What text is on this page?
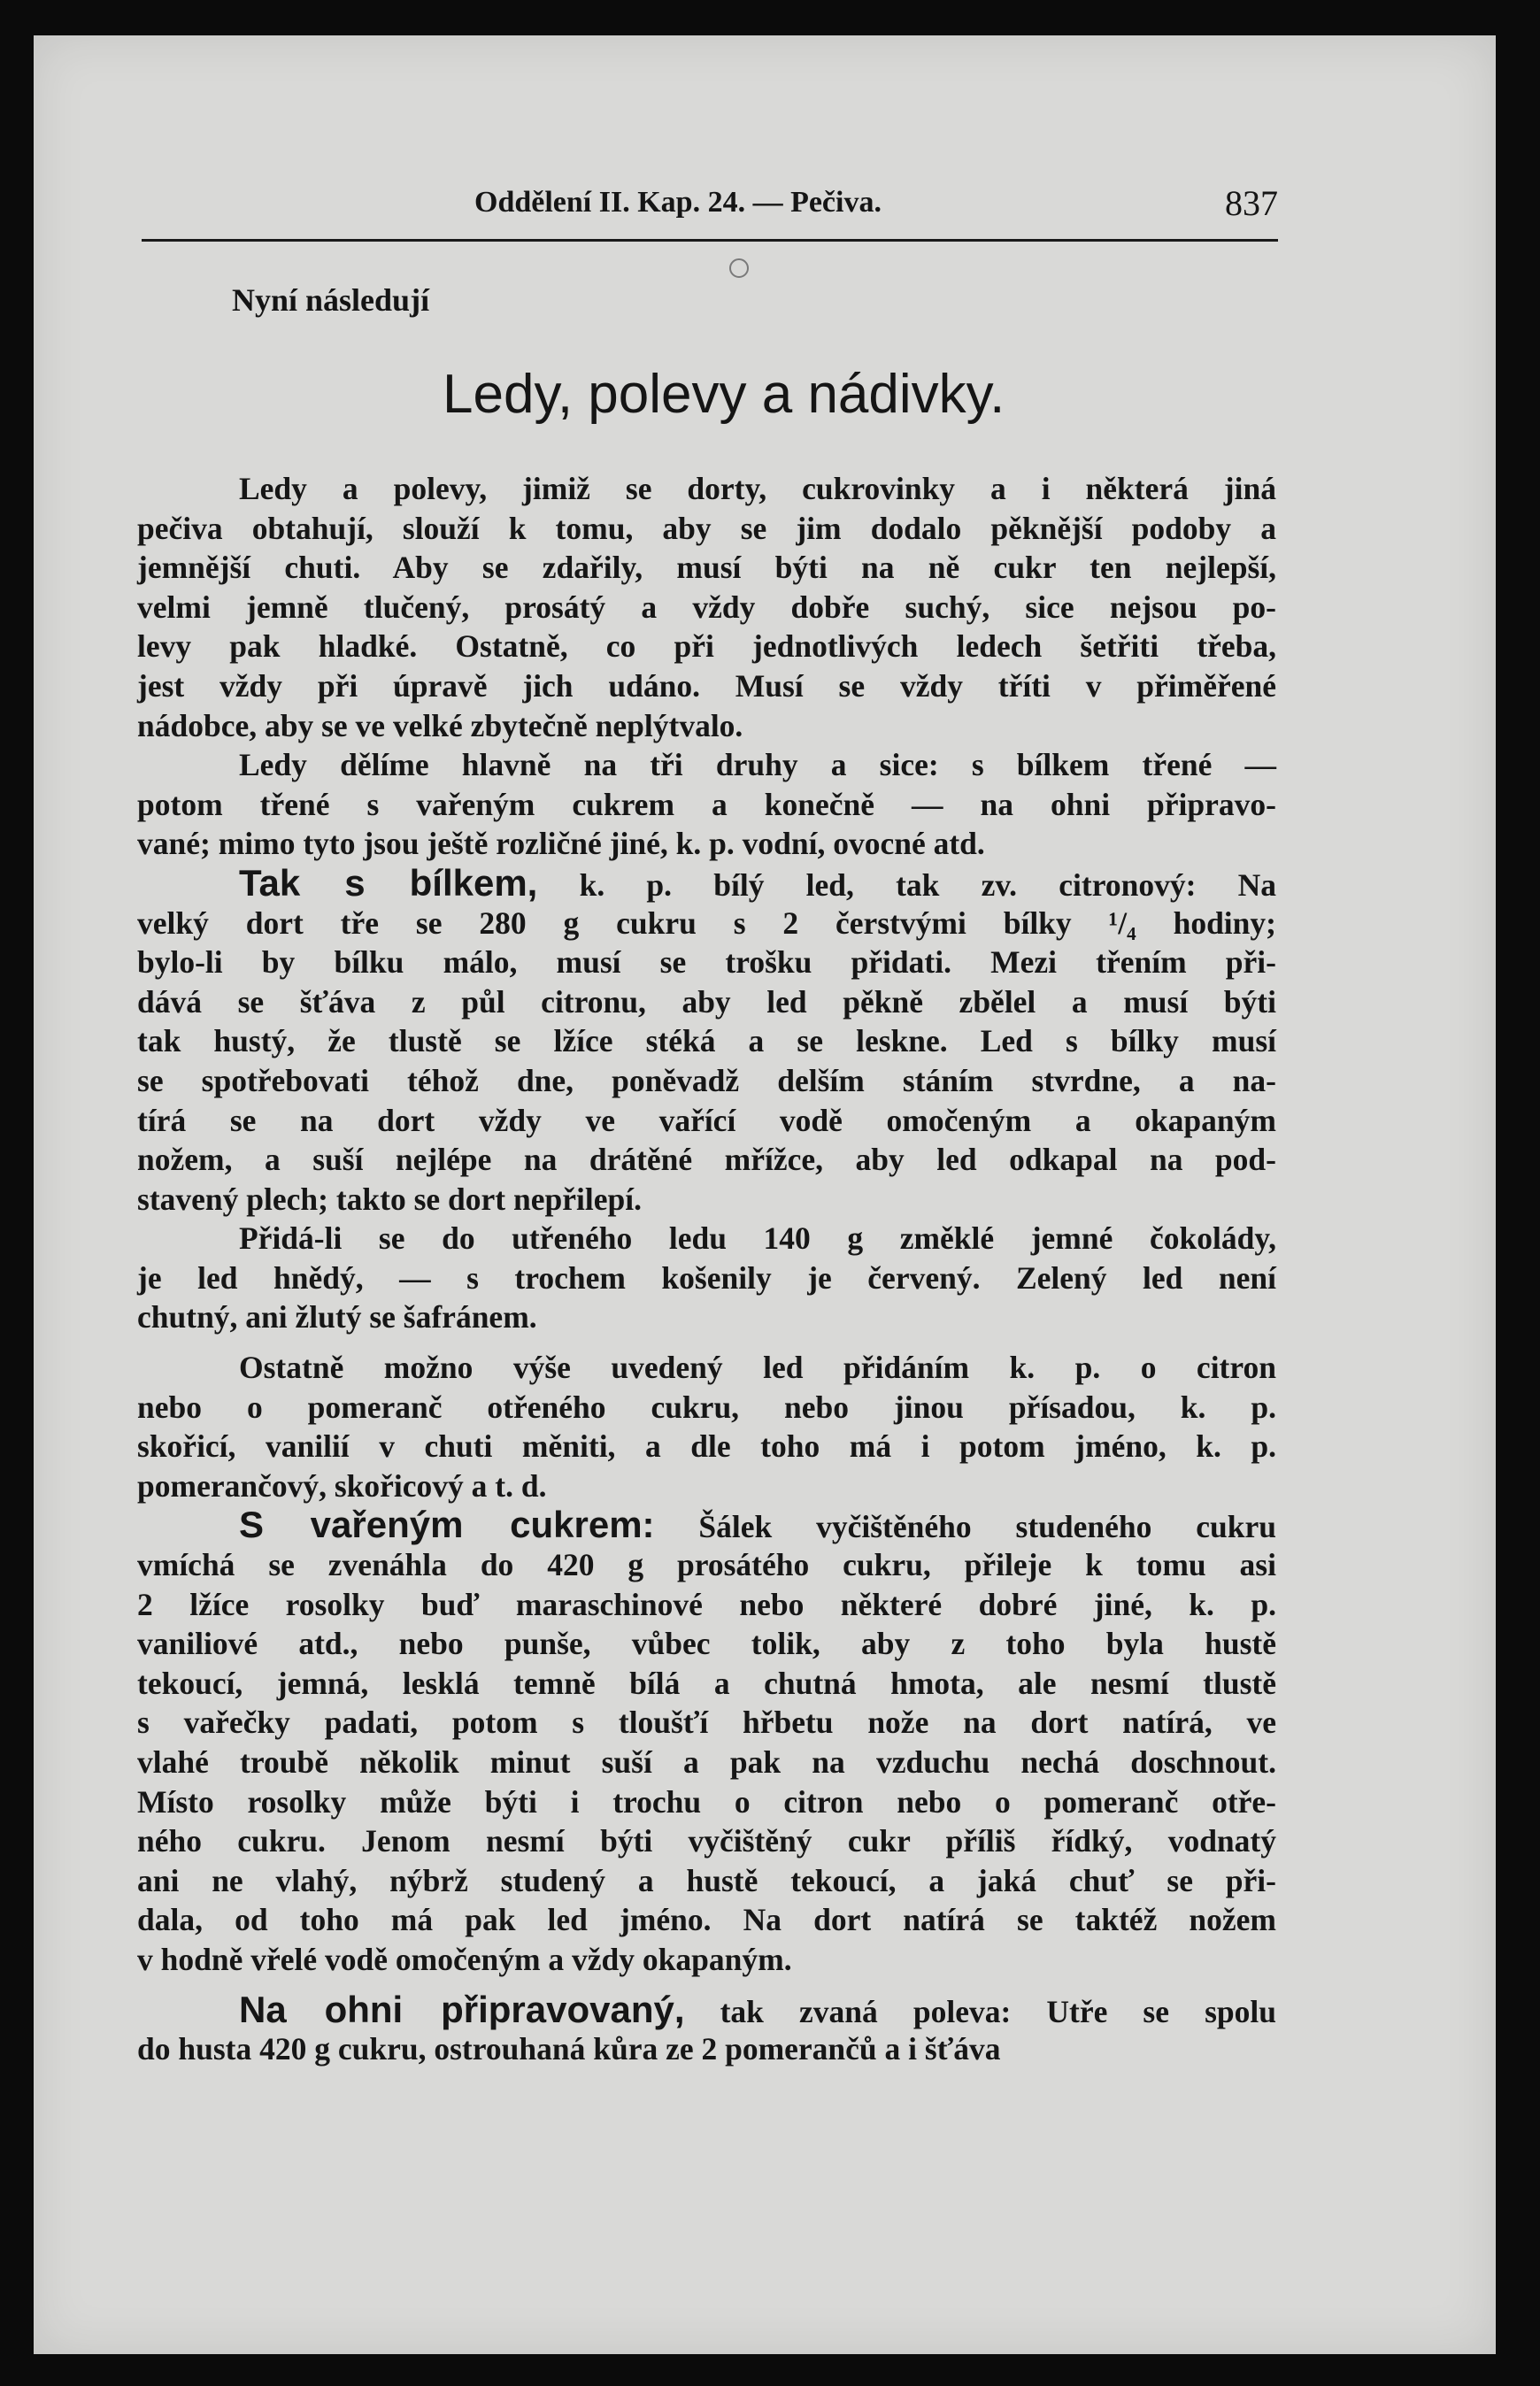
Oddělení II. Kap. 24. — Pečiva.	837
Nyní následují
Ledy, polevy a nádivky.
Ledy a polevy, jimiž se dorty, cukrovinky a i některá jiná
pečiva obtahují, slouží k tomu, aby se jim dodalo pěknější podoby a
jemnější chuti. Aby se zdařily, musí býti na ně cukr ten nejlepší,
velmi jemně tlučený, prosátý a vždy dobře suchý, sice nejsou po-
levy pak hladké. Ostatně, co při jednotlivých ledech šetřiti třeba,
jest vždy při úpravě jich udáno. Musí se vždy tříti v přiměřené
nádobce, aby se ve velké zbytečně neplýtvalo.
Ledy dělíme hlavně na tři druhy a sice: s bílkem třené —
potom třené s vařeným cukrem a konečně — na ohni připravo-
vané; mimo tyto jsou ještě rozličné jiné, k. p. vodní, ovocné atd.
Tak s bílkem, k. p. bílý led, tak zv. citronový: Na
velký dort tře se 280 g cukru s 2 čerstvými bílky ¹/₄ hodiny;
bylo-li by bílku málo, musí se trošku přidati. Mezi třením při-
dává se šťáva z půl citronu, aby led pěkně zbělel a musí býti
tak hustý, že tlustě se lžíce stéká a se leskne. Led s bílky musí
se spotřebovati téhož dne, poněvadž delším stáním stvrdne, a na-
tírá se na dort vždy ve vařící vodě omočeným a okapaným
nožem, a suší nejlépe na drátěné mřížce, aby led odkapal na pod-
stavený plech; takto se dort nepřilepí.
Přidá-li se do utřeného ledu 140 g změklé jemné čokolády,
je led hnědý, — s trochem košenily je červený. Zelený led není
chutný, ani žlutý se šafránem.
Ostatně možno výše uvedený led přidáním k. p. o citron
nebo o pomeranč otřeného cukru, nebo jinou přísadou, k. p.
skořicí, vanilií v chuti měniti, a dle toho má i potom jméno, k. p.
pomerančový, skořicový a t. d.
S vařeným cukrem: Šálek vyčištěného studeného cukru
vmíchá se zvenáhla do 420 g prosátého cukru, přileje k tomu asi
2 lžíce rosolky buď maraschinové nebo některé dobré jiné, k. p.
vaniliové atd., nebo punše, vůbec tolik, aby z toho byla hustě
tekoucí, jemná, lesklá temně bílá a chutná hmota, ale nesmí tlustě
s vařečky padati, potom s tloušťí hřbetu nože na dort natírá, ve
vlahé troubě několik minut suší a pak na vzduchu nechá doschnout.
Místo rosolky může býti i trochu o citron nebo o pomeranč otře-
ného cukru. Jenom nesmí býti vyčištěný cukr příliš řídký, vodnatý
ani ne vlahý, nýbrž studený a hustě tekoucí, a jaká chuť se při-
dala, od toho má pak led jméno. Na dort natírá se taktéž nožem
v hodně vřelé vodě omočeným a vždy okapaným.
Na ohni připravovaný, tak zvaná poleva: Utře se spolu
do husta 420 g cukru, ostrouhaná kůra ze 2 pomerančů a i šťáva
